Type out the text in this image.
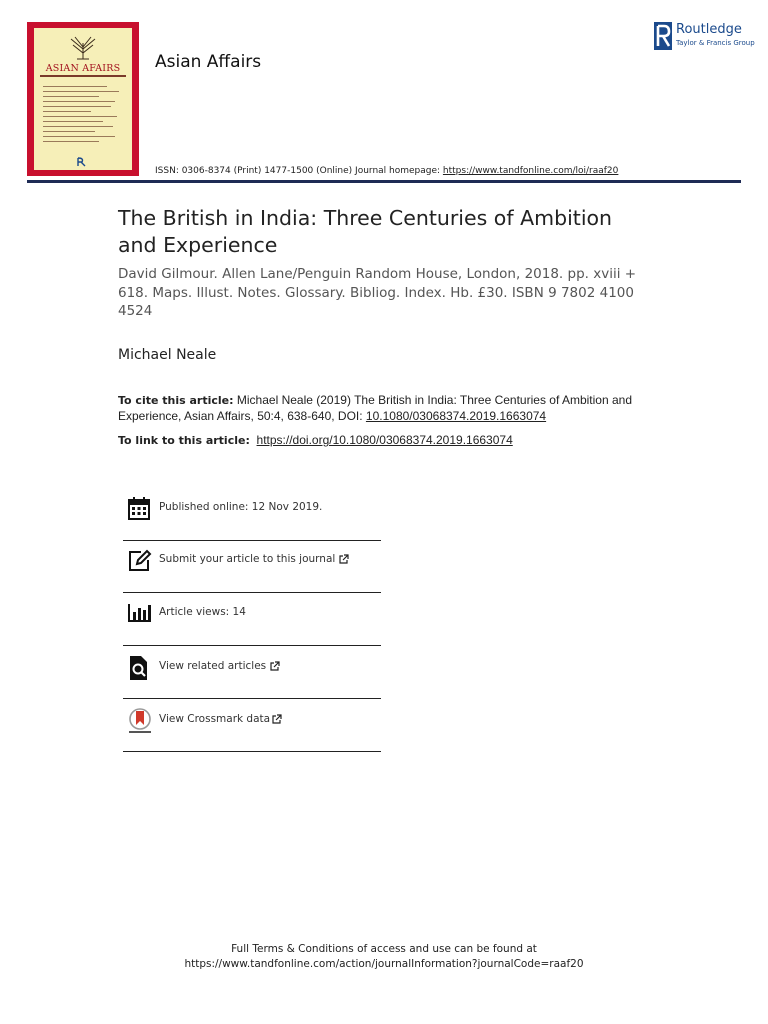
ASIAN AFAIRS	Asian Affairs
Routledge
Taylor & Francis Group
ISSN: 0306-8374 (Print) 1477-1500 (Online) Journal homepage: https://www.tandfonline.com/loi/raaf20
The British in India: Three Centuries of Ambition and Experience
David Gilmour. Allen Lane/Penguin Random House, London, 2018. pp. xviii + 618. Maps. Illust. Notes. Glossary. Bibliog. Index. Hb. £30. ISBN 9 7802 4100 4524
Michael Neale
To cite this article: Michael Neale (2019) The British in India: Three Centuries of Ambition and Experience, Asian Affairs, 50:4, 638-640, DOI: 10.1080/03068374.2019.1663074
To link to this article: https://doi.org/10.1080/03068374.2019.1663074
Published online: 12 Nov 2019.
Submit your article to this journal
Article views: 14
View related articles
View Crossmark data
Full Terms & Conditions of access and use can be found at
https://www.tandfonline.com/action/journalInformation?journalCode=raaf20
